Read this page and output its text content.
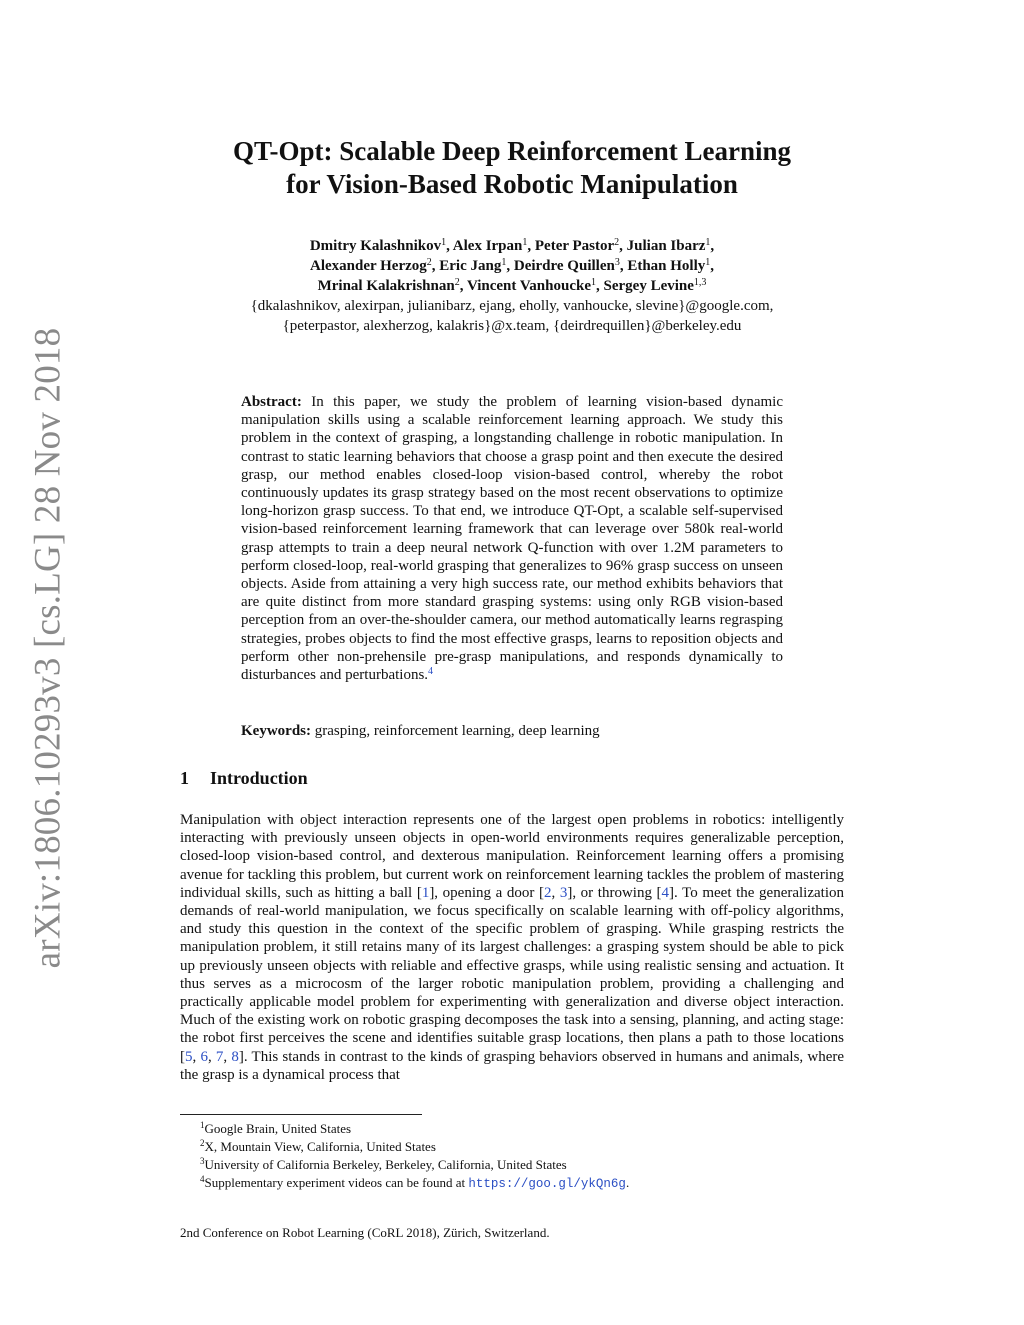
arXiv:1806.10293v3 [cs.LG] 28 Nov 2018
QT-Opt: Scalable Deep Reinforcement Learning
for Vision-Based Robotic Manipulation
Dmitry Kalashnikov$^1$, Alex Irpan$^1$, Peter Pastor$^2$, Julian Ibarz$^1$,
Alexander Herzog$^2$, Eric Jang$^1$, Deirdre Quillen$^3$, Ethan Holly$^1$,
Mrinal Kalakrishnan$^2$, Vincent Vanhoucke$^1$, Sergey Levine$^{1,3}$
{dkalashnikov, alexirpan, julianibarz, ejang, eholly, vanhoucke, slevine}@google.com,
{peterpastor, alexherzog, kalakris}@x.team, {deirdrequillen}@berkeley.edu
Abstract: In this paper, we study the problem of learning vision-based dynamic manipulation skills using a scalable reinforcement learning approach. We study this problem in the context of grasping, a longstanding challenge in robotic manipulation. In contrast to static learning behaviors that choose a grasp point and then execute the desired grasp, our method enables closed-loop vision-based control, whereby the robot continuously updates its grasp strategy based on the most recent observations to optimize long-horizon grasp success. To that end, we introduce QT-Opt, a scalable self-supervised vision-based reinforcement learning framework that can leverage over 580k real-world grasp attempts to train a deep neural network Q-function with over 1.2M parameters to perform closed-loop, real-world grasping that generalizes to 96% grasp success on unseen objects. Aside from attaining a very high success rate, our method exhibits behaviors that are quite distinct from more standard grasping systems: using only RGB vision-based perception from an over-the-shoulder camera, our method automatically learns regrasping strategies, probes objects to find the most effective grasps, learns to reposition objects and perform other non-prehensile pre-grasp manipulations, and responds dynamically to disturbances and perturbations.$^4$
Keywords: grasping, reinforcement learning, deep learning
1 Introduction
Manipulation with object interaction represents one of the largest open problems in robotics: intelligently interacting with previously unseen objects in open-world environments requires generalizable perception, closed-loop vision-based control, and dexterous manipulation. Reinforcement learning offers a promising avenue for tackling this problem, but current work on reinforcement learning tackles the problem of mastering individual skills, such as hitting a ball [1], opening a door [2, 3], or throwing [4]. To meet the generalization demands of real-world manipulation, we focus specifically on scalable learning with off-policy algorithms, and study this question in the context of the specific problem of grasping. While grasping restricts the manipulation problem, it still retains many of its largest challenges: a grasping system should be able to pick up previously unseen objects with reliable and effective grasps, while using realistic sensing and actuation. It thus serves as a microcosm of the larger robotic manipulation problem, providing a challenging and practically applicable model problem for experimenting with generalization and diverse object interaction. Much of the existing work on robotic grasping decomposes the task into a sensing, planning, and acting stage: the robot first perceives the scene and identifies suitable grasp locations, then plans a path to those locations [5, 6, 7, 8]. This stands in contrast to the kinds of grasping behaviors observed in humans and animals, where the grasp is a dynamical process that
$^1$Google Brain, United States
$^2$X, Mountain View, California, United States
$^3$University of California Berkeley, Berkeley, California, United States
$^4$Supplementary experiment videos can be found at https://goo.gl/ykQn6g.
2nd Conference on Robot Learning (CoRL 2018), Zürich, Switzerland.
